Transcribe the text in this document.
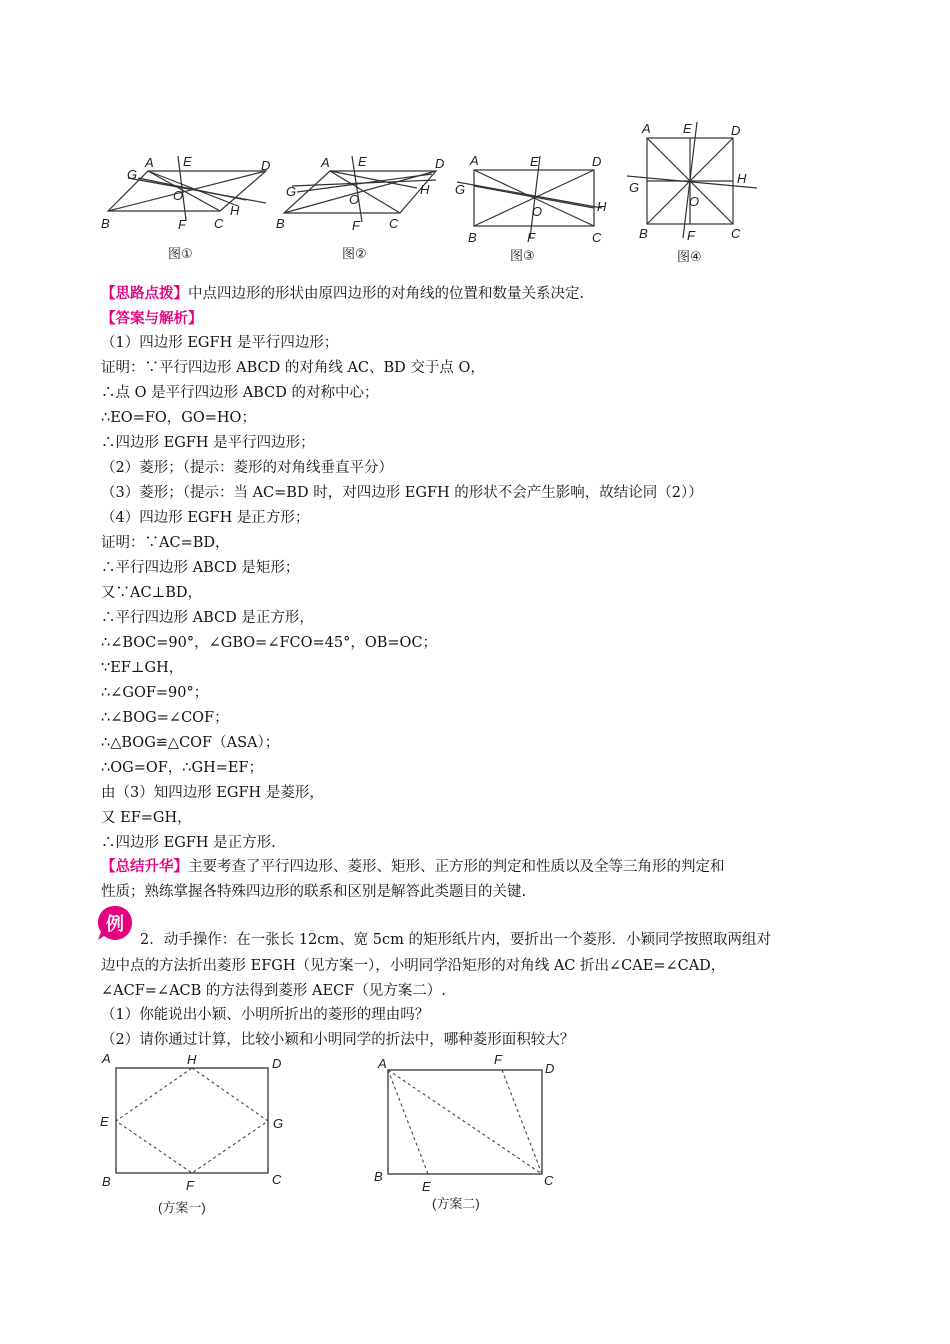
A E	D
G
O
H
B	F C
图①
A E	D
G
O
H
B	F C
图②
A	E	D
G
O	H
B	F	C
图③
A E	D
G
O
H
B	F	C
图④
【思路点拨】中点四边形的形状由原四边形的对角线的位置和数量关系决定.
【答案与解析】
（1）四边形 EGFH 是平行四边形；
证明：∵平行四边形 ABCD 的对角线 AC、BD 交于点 O，
∴点 O 是平行四边形 ABCD 的对称中心；
∴EO=FO，GO=HO；
∴四边形 EGFH 是平行四边形；
（2）菱形；（提示：菱形的对角线垂直平分）
（3）菱形；（提示：当 AC=BD 时，对四边形 EGFH 的形状不会产生影响，故结论同（2））
（4）四边形 EGFH 是正方形；
证明：∵AC=BD，
∴平行四边形 ABCD 是矩形；
又∵AC⊥BD，
∴平行四边形 ABCD 是正方形，
∴∠BOC=90°，∠GBO=∠FCO=45°，OB=OC；
∵EF⊥GH，
∴∠GOF=90°；
∴∠BOG=∠COF；
∴△BOG≌△COF（ASA）；
∴OG=OF，∴GH=EF；
由（3）知四边形 EGFH 是菱形，
又 EF=GH，
∴四边形 EGFH 是正方形.
【总结升华】主要考查了平行四边形、菱形、矩形、正方形的判定和性质以及全等三角形的判定和
性质；熟练掌握各特殊四边形的联系和区别是解答此类题目的关键.
例
2．动手操作：在一张长 12cm、宽 5cm 的矩形纸片内，要折出一个菱形．小颖同学按照取两组对
边中点的方法折出菱形 EFGH（见方案一），小明同学沿矩形的对角线 AC 折出∠CAE=∠CAD，
∠ACF=∠ACB 的方法得到菱形 AECF（见方案二）.
（1）你能说出小颖、小明所折出的菱形的理由吗？
（2）请你通过计算，比较小颖和小明同学的折法中，哪种菱形面积较大？
A	H	D
E	G
B	F	C
(方案一)
A	F
D
B
E	C
(方案二)
